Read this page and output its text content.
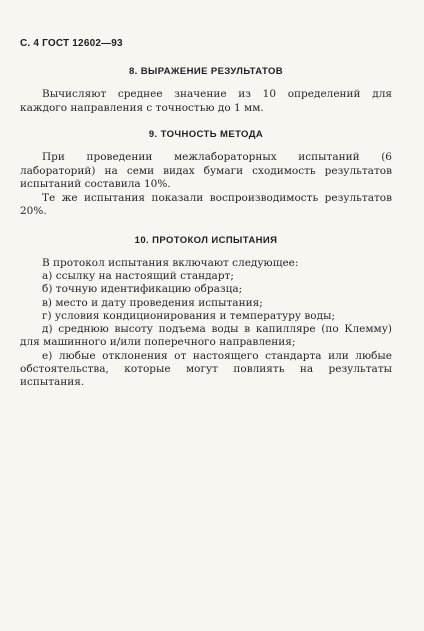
С. 4 ГОСТ 12602—93
8. ВЫРАЖЕНИЕ РЕЗУЛЬТАТОВ

Вычисляют среднее значение из 10 определений для каждого направления с точностью до 1 мм.

9. ТОЧНОСТЬ МЕТОДА

При проведении межлабораторных испытаний (6 лабораторий) на семи видах бумаги сходимость результатов испытаний составила 10%.

Те же испытания показали воспроизводимость результатов 20%.

10. ПРОТОКОЛ ИСПЫТАНИЯ

В протокол испытания включают следующее:

а) ссылку на настоящий стандарт;
б) точную идентификацию образца;
в) место и дату проведения испытания;
г) условия кондиционирования и температуру воды;
д) среднюю высоту подъема воды в капилляре (по Клемму) для машинного и/или поперечного направления;
е) любые отклонения от настоящего стандарта или любые обстоятельства, которые могут повлиять на результаты испытания.
